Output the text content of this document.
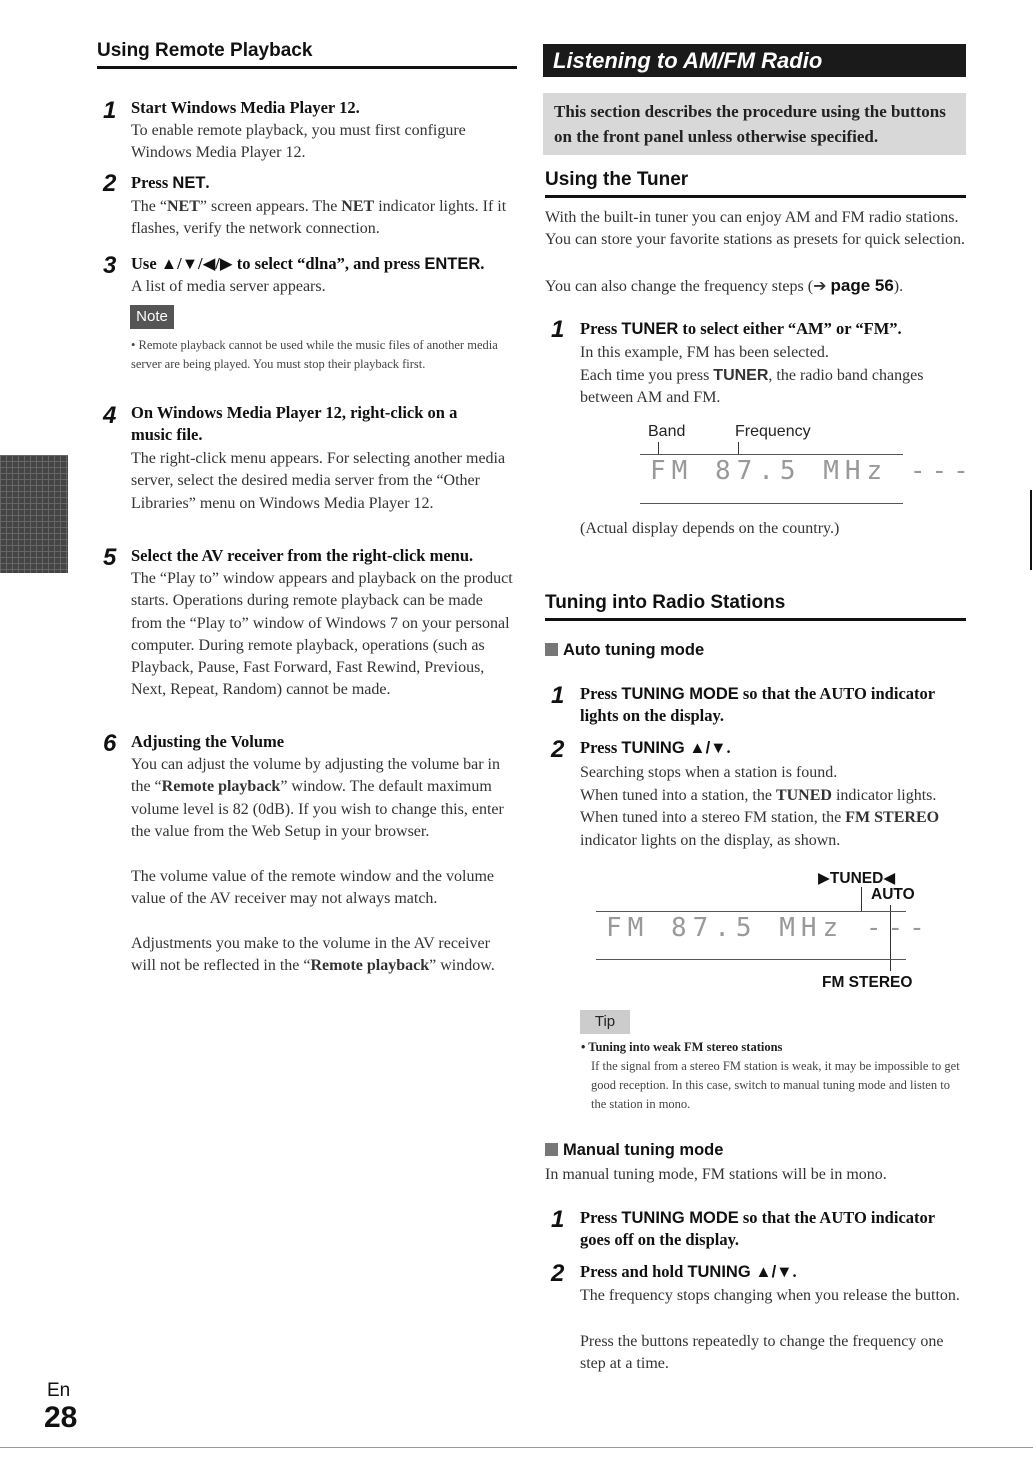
Using Remote Playback
1 Start Windows Media Player 12.
To enable remote playback, you must first configure Windows Media Player 12.
2 Press NET.
The “NET” screen appears. The NET indicator lights. If it flashes, verify the network connection.
3 Use ▲/▼/◀/▶ to select “dlna”, and press ENTER.
A list of media server appears.
Note
• Remote playback cannot be used while the music files of another media server are being played. You must stop their playback first.
4 On Windows Media Player 12, right-click on a music file.
The right-click menu appears. For selecting another media server, select the desired media server from the “Other Libraries” menu on Windows Media Player 12.
5 Select the AV receiver from the right-click menu.
The “Play to” window appears and playback on the product starts. Operations during remote playback can be made from the “Play to” window of Windows 7 on your personal computer. During remote playback, operations (such as Playback, Pause, Fast Forward, Fast Rewind, Previous, Next, Repeat, Random) cannot be made.
6 Adjusting the Volume
You can adjust the volume by adjusting the volume bar in the “Remote playback” window. The default maximum volume level is 82 (0dB). If you wish to change this, enter the value from the Web Setup in your browser.
The volume value of the remote window and the volume value of the AV receiver may not always match.
Adjustments you make to the volume in the AV receiver will not be reflected in the “Remote playback” window.
Listening to AM/FM Radio
This section describes the procedure using the buttons on the front panel unless otherwise specified.
Using the Tuner
With the built-in tuner you can enjoy AM and FM radio stations. You can store your favorite stations as presets for quick selection.
You can also change the frequency steps (➔ page 56).
1 Press TUNER to select either “AM” or “FM”.
In this example, FM has been selected.
Each time you press TUNER, the radio band changes between AM and FM.
Band	Frequency
FM 87.5 MHz ---
(Actual display depends on the country.)
Tuning into Radio Stations
Auto tuning mode
1 Press TUNING MODE so that the AUTO indicator lights on the display.
2 Press TUNING ▲/▼.
Searching stops when a station is found.
When tuned into a station, the TUNED indicator lights. When tuned into a stereo FM station, the FM STEREO indicator lights on the display, as shown.
▶TUNED◀
AUTO
FM 87.5 MHz ---
FM STEREO
Tip
• Tuning into weak FM stereo stations
If the signal from a stereo FM station is weak, it may be impossible to get good reception. In this case, switch to manual tuning mode and listen to the station in mono.
Manual tuning mode
In manual tuning mode, FM stations will be in mono.
1 Press TUNING MODE so that the AUTO indicator goes off on the display.
2 Press and hold TUNING ▲/▼.
The frequency stops changing when you release the button.
Press the buttons repeatedly to change the frequency one step at a time.
En
28
